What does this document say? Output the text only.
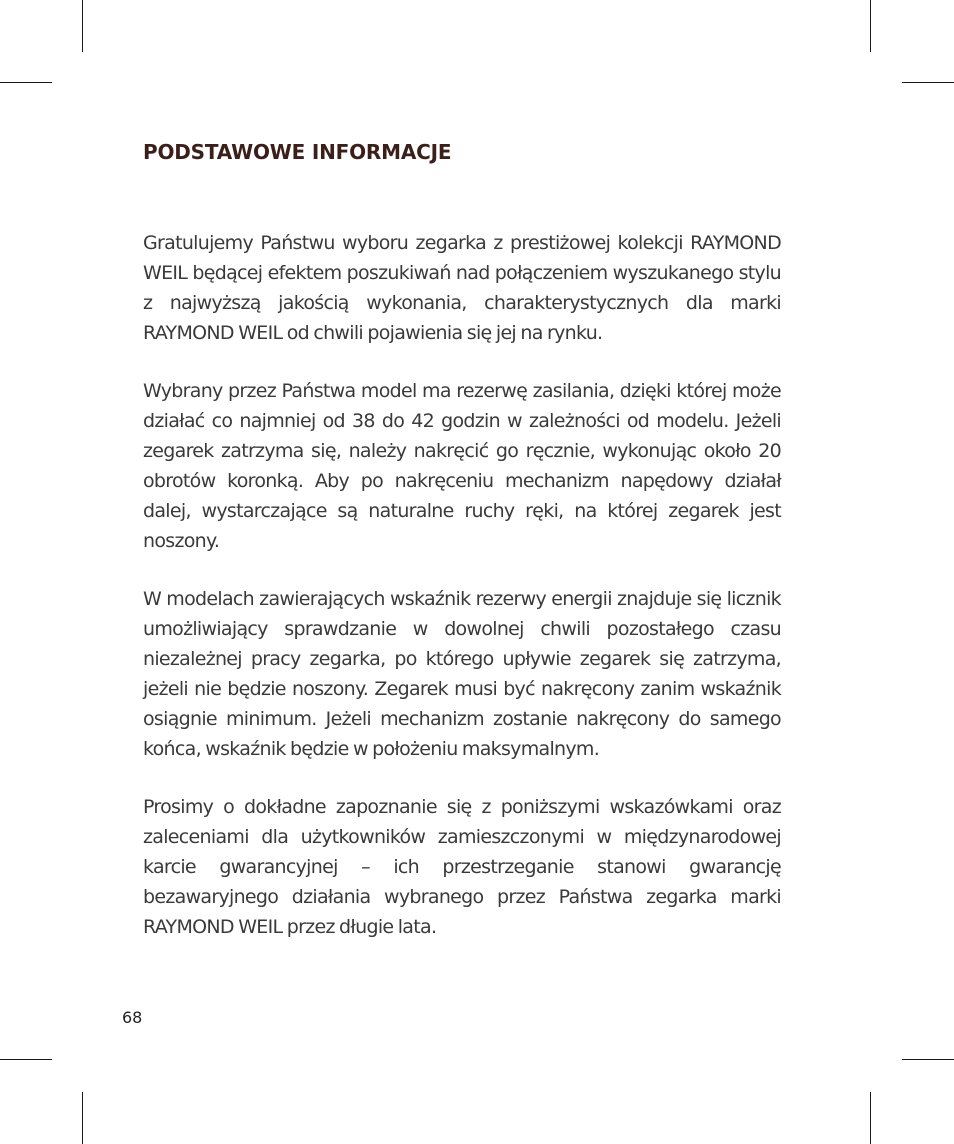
PODSTAWOWE INFORMACJE

Gratulujemy Państwu wyboru zegarka z prestiżowej kolekcji RAYMOND WEIL będącej efektem poszukiwań nad połączeniem wyszukanego stylu z najwyższą jakością wykonania, charakterystycznych dla marki RAYMOND WEIL od chwili pojawienia się jej na rynku.

Wybrany przez Państwa model ma rezerwę zasilania, dzięki której może działać co najmniej od 38 do 42 godzin w zależności od modelu. Jeżeli zegarek zatrzyma się, należy nakręcić go ręcznie, wykonując około 20 obrotów koronką. Aby po nakręceniu mechanizm napędowy działał dalej, wystarczające są naturalne ruchy ręki, na której zegarek jest noszony.

W modelach zawierających wskaźnik rezerwy energii znajduje się licznik umożliwiający sprawdzanie w dowolnej chwili pozostałego czasu niezależnej pracy zegarka, po którego upływie zegarek się zatrzyma, jeżeli nie będzie noszony. Zegarek musi być nakręcony zanim wskaźnik osiągnie minimum. Jeżeli mechanizm zostanie nakręcony do samego końca, wskaźnik będzie w położeniu maksymalnym.

Prosimy o dokładne zapoznanie się z poniższymi wskazówkami oraz zaleceniami dla użytkowników zamieszczonymi w międzynarodowej karcie gwarancyjnej – ich przestrzeganie stanowi gwarancję bezawaryjnego działania wybranego przez Państwa zegarka marki RAYMOND WEIL przez długie lata.

68
